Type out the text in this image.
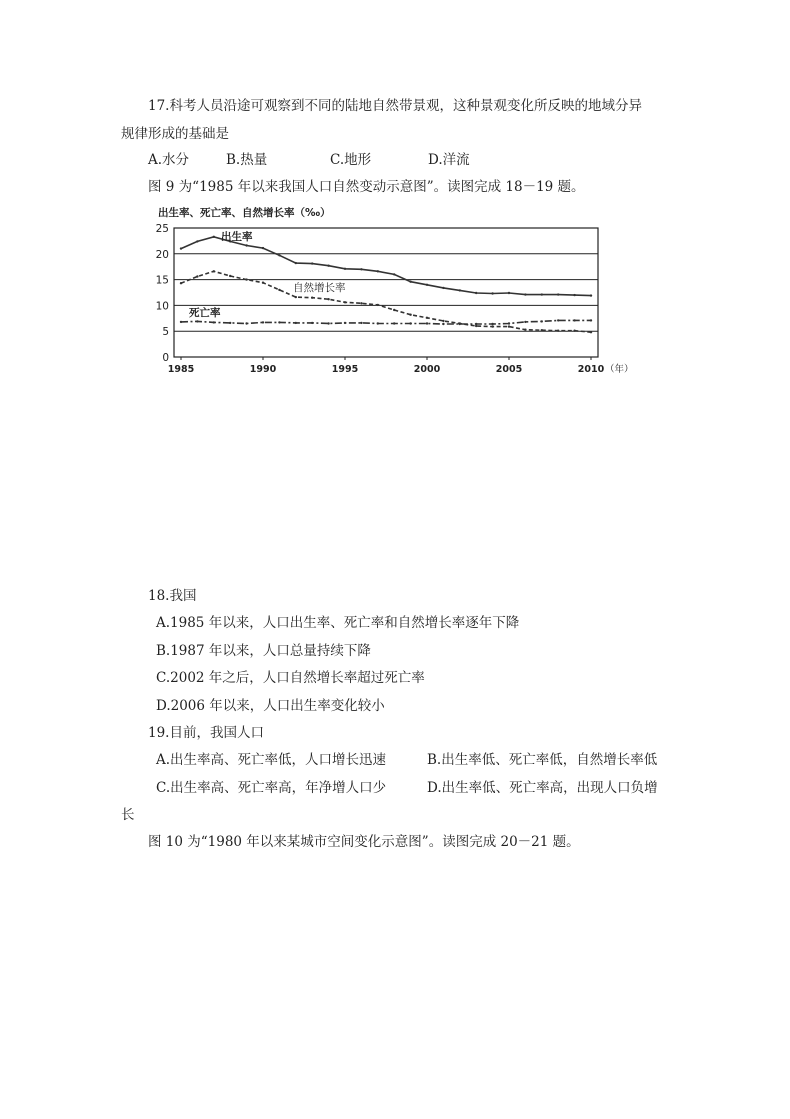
17.科考人员沿途可观察到不同的陆地自然带景观，这种景观变化所反映的地域分异
规律形成的基础是
A.水分	B.热量	C.地形	D.洋流
图 9 为“1985 年以来我国人口自然变动示意图”。读图完成 18－19 题。
出生率、死亡率、自然增长率（‰）
0
5
10
15
20
25
1985	1990	1995	2000	2005	2010 （年）
出生率
自然增长率
死亡率
18.我国
A.1985 年以来，人口出生率、死亡率和自然增长率逐年下降
B.1987 年以来，人口总量持续下降
C.2002 年之后，人口自然增长率超过死亡率
D.2006 年以来，人口出生率变化较小
19.目前，我国人口
A.出生率高、死亡率低，人口增长迅速	B.出生率低、死亡率低，自然增长率低
C.出生率高、死亡率高，年净增人口少	D.出生率低、死亡率高，出现人口负增
长
图 10 为“1980 年以来某城市空间变化示意图”。读图完成 20－21 题。
